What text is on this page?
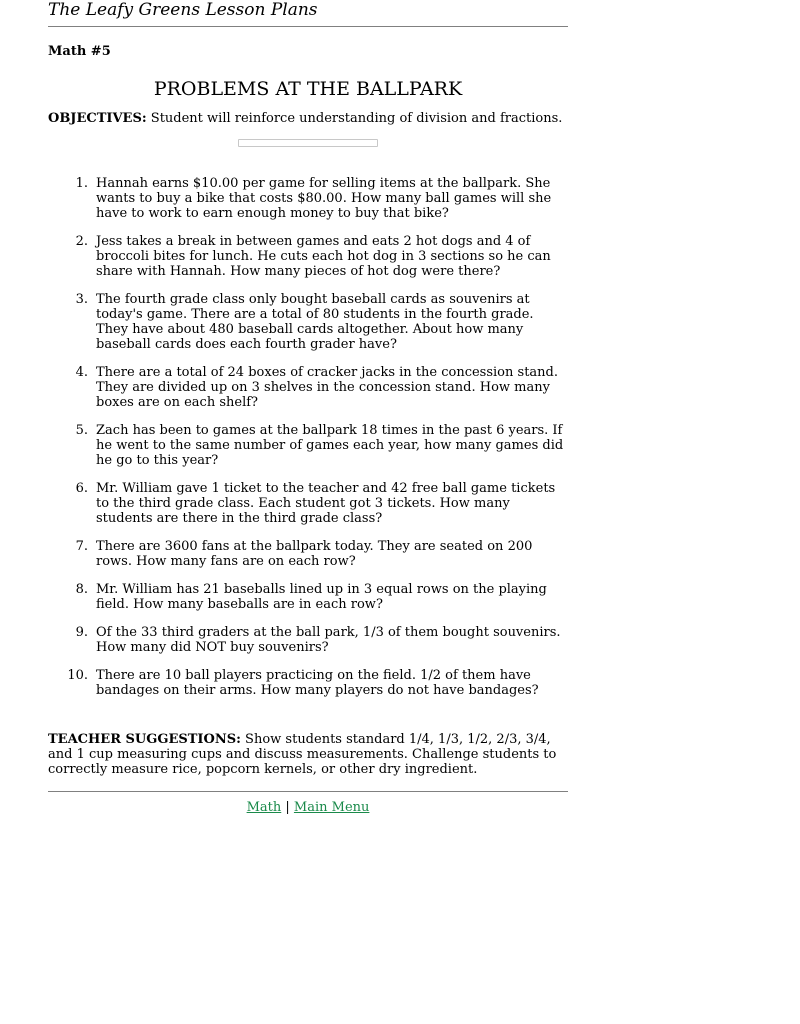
The Leafy Greens Lesson Plans

Math #5
PROBLEMS AT THE BALLPARK
OBJECTIVES: Student will reinforce understanding of division and fractions.
1. Hannah earns $10.00 per game for selling items at the ballpark. She wants to buy a bike that costs $80.00. How many ball games will she have to work to earn enough money to buy that bike?
2. Jess takes a break in between games and eats 2 hot dogs and 4 of broccoli bites for lunch. He cuts each hot dog in 3 sections so he can share with Hannah. How many pieces of hot dog were there?
3. The fourth grade class only bought baseball cards as souvenirs at today's game. There are a total of 80 students in the fourth grade. They have about 480 baseball cards altogether. About how many baseball cards does each fourth grader have?
4. There are a total of 24 boxes of cracker jacks in the concession stand. They are divided up on 3 shelves in the concession stand. How many boxes are on each shelf?
5. Zach has been to games at the ballpark 18 times in the past 6 years. If he went to the same number of games each year, how many games did he go to this year?
6. Mr. William gave 1 ticket to the teacher and 42 free ball game tickets to the third grade class. Each student got 3 tickets. How many students are there in the third grade class?
7. There are 3600 fans at the ballpark today. They are seated on 200 rows. How many fans are on each row?
8. Mr. William has 21 baseballs lined up in 3 equal rows on the playing field. How many baseballs are in each row?
9. Of the 33 third graders at the ball park, 1/3 of them bought souvenirs. How many did NOT buy souvenirs?
10. There are 10 ball players practicing on the field. 1/2 of them have bandages on their arms. How many players do not have bandages?
TEACHER SUGGESTIONS: Show students standard 1/4, 1/3, 1/2, 2/3, 3/4, and 1 cup measuring cups and discuss measurements. Challenge students to correctly measure rice, popcorn kernels, or other dry ingredient.
Math | Main Menu
